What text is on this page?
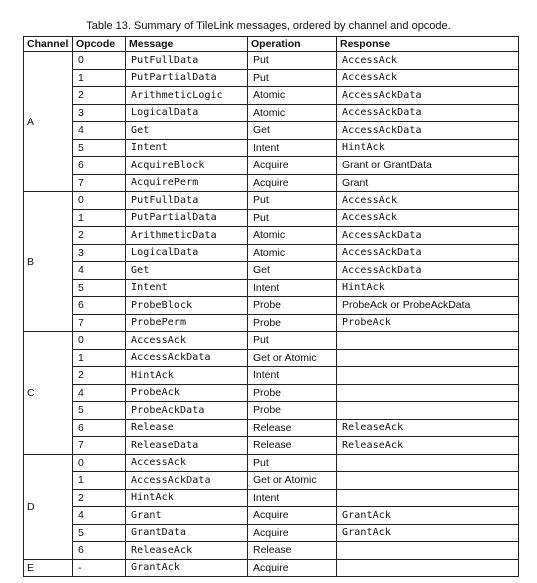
Table 13. Summary of TileLink messages, ordered by channel and opcode.
Channel	Opcode	Message	Operation	Response
A	0	PutFullData	Put	AccessAck
	1	PutPartialData	Put	AccessAck
	2	ArithmeticLogic	Atomic	AccessAckData
	3	LogicalData	Atomic	AccessAckData
	4	Get	Get	AccessAckData
	5	Intent	Intent	HintAck
	6	AcquireBlock	Acquire	Grant or GrantData
	7	AcquirePerm	Acquire	Grant
B	0	PutFullData	Put	AccessAck
	1	PutPartialData	Put	AccessAck
	2	ArithmeticData	Atomic	AccessAckData
	3	LogicalData	Atomic	AccessAckData
	4	Get	Get	AccessAckData
	5	Intent	Intent	HintAck
	6	ProbeBlock	Probe	ProbeAck or ProbeAckData
	7	ProbePerm	Probe	ProbeAck
C	0	AccessAck	Put	
	1	AccessAckData	Get or Atomic	
	2	HintAck	Intent	
	4	ProbeAck	Probe	
	5	ProbeAckData	Probe	
	6	Release	Release	ReleaseAck
	7	ReleaseData	Release	ReleaseAck
D	0	AccessAck	Put	
	1	AccessAckData	Get or Atomic	
	2	HintAck	Intent	
	4	Grant	Acquire	GrantAck
	5	GrantData	Acquire	GrantAck
	6	ReleaseAck	Release	
E	-	GrantAck	Acquire	
